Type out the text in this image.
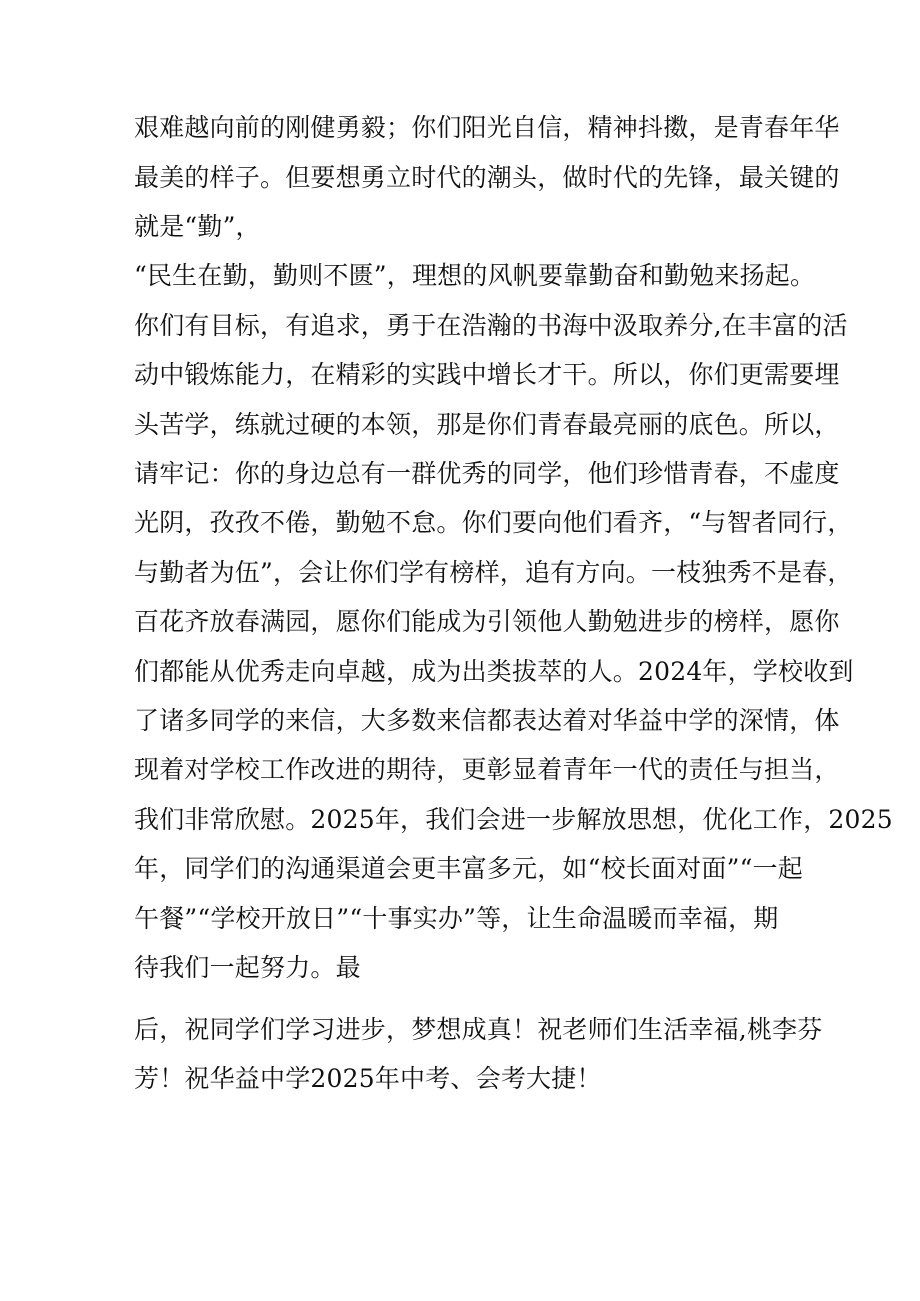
艰难越向前的刚健勇毅；你们阳光自信，精神抖擞，是青春年华
最美的样子。但要想勇立时代的潮头，做时代的先锋，最关键的
就是“勤”，
“民生在勤，勤则不匮”，理想的风帆要靠勤奋和勤勉来扬起。
你们有目标，有追求，勇于在浩瀚的书海中汲取养分,在丰富的活
动中锻炼能力，在精彩的实践中增长才干。所以，你们更需要埋
头苦学，练就过硬的本领，那是你们青春最亮丽的底色。所以，
请牢记：你的身边总有一群优秀的同学，他们珍惜青春，不虚度
光阴，孜孜不倦，勤勉不怠。你们要向他们看齐，“与智者同行，
与勤者为伍”，会让你们学有榜样，追有方向。一枝独秀不是春，
百花齐放春满园，愿你们能成为引领他人勤勉进步的榜样，愿你
们都能从优秀走向卓越，成为出类拔萃的人。2024年，学校收到
了诸多同学的来信，大多数来信都表达着对华益中学的深情，体
现着对学校工作改进的期待，更彰显着青年一代的责任与担当，
我们非常欣慰。2025年，我们会进一步解放思想，优化工作，2025
年，同学们的沟通渠道会更丰富多元，如“校长面对面”“一起
午餐”“学校开放日”“十事实办”等，让生命温暖而幸福，期
待我们一起努力。最
后，祝同学们学习进步，梦想成真！祝老师们生活幸福,桃李芬
芳！祝华益中学2025年中考、会考大捷！
